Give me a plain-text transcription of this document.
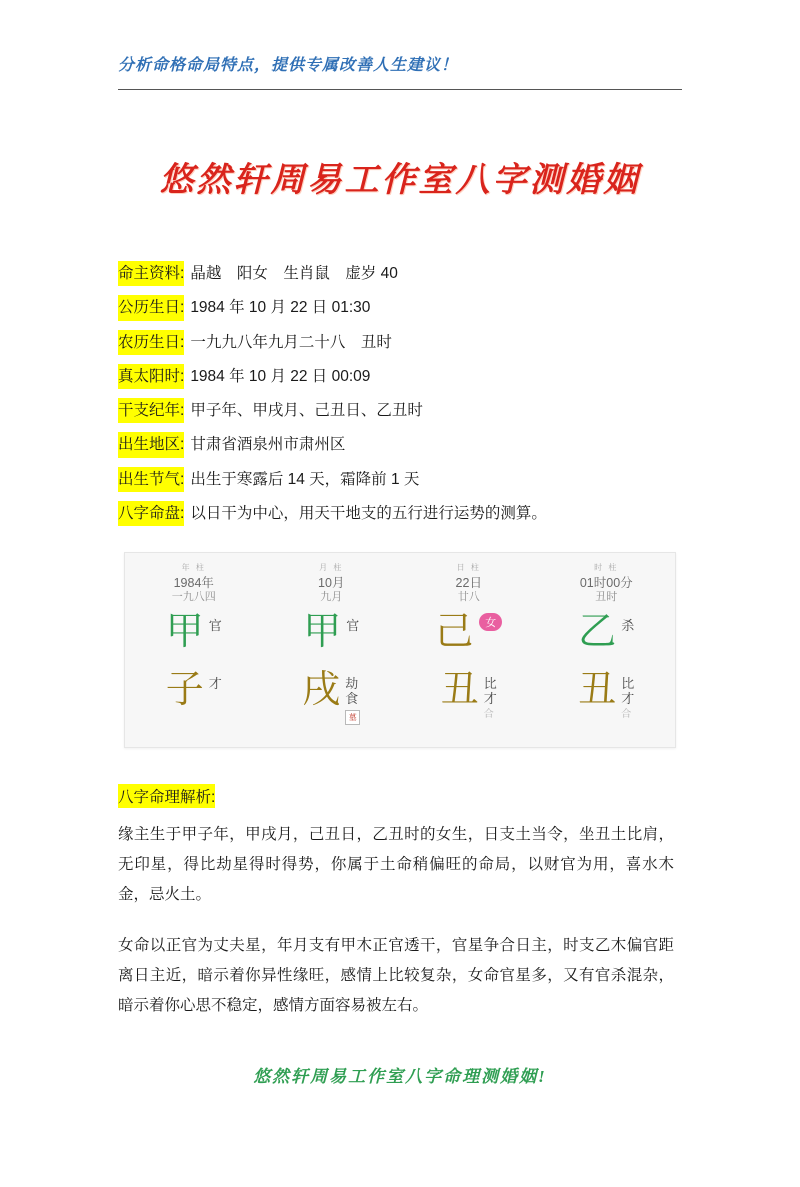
分析命格命局特点，提供专属改善人生建议！
悠然轩周易工作室八字测婚姻
命主资料: 晶越　阳女　生肖鼠　虚岁 40
公历生日: 1984 年 10 月 22 日 01:30
农历生日: 一九九八年九月二十八　丑时
真太阳时: 1984 年 10 月 22 日 00:09
干支纪年: 甲子年、甲戌月、己丑日、乙丑时
出生地区: 甘肃省酒泉州市肃州区
出生节气: 出生于寒露后 14 天，霜降前 1 天
八字命盘: 以日干为中心，用天干地支的五行进行运势的测算。
年 柱
1984年
一九八四
甲 官
子 才
月 柱
10月
九月
甲 官
戌 劫
食
墓
日 柱
22日
廿八
己	女
丑 比
才
合
时 柱
01时00分
丑时
乙 杀
丑 比
才
合
八字命理解析:

缘主生于甲子年，甲戌月，己丑日，乙丑时的女生，日支土当令，坐丑土比肩，无印星，得比劫星得时得势，你属于土命稍偏旺的命局，以财官为用，喜水木金，忌火土。

女命以正官为丈夫星，年月支有甲木正官透干，官星争合日主，时支乙木偏官距离日主近，暗示着你异性缘旺，感情上比较复杂，女命官星多，又有官杀混杂，暗示着你心思不稳定，感情方面容易被左右。

悠然轩周易工作室八字命理测婚姻!
